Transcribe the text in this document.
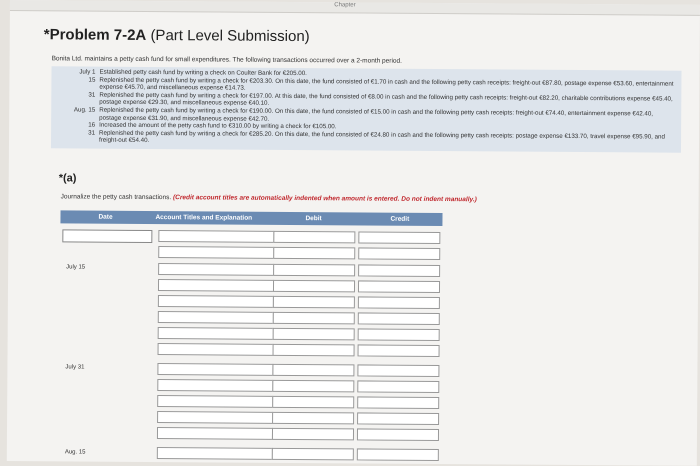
Chapter
*Problem 7-2A (Part Level Submission)
Bonita Ltd. maintains a petty cash fund for small expenditures. The following transactions occurred over a 2-month period.
July 1 Established petty cash fund by writing a check on Coulter Bank for €205.00.
15 Replenished the petty cash fund by writing a check for €203.30. On this date, the fund consisted of €1.70 in cash and the following petty cash receipts: freight-out €87.80, postage expense €53.60, entertainment expense €45.70, and miscellaneous expense €14.73.
31 Replenished the petty cash fund by writing a check for €197.00. At this date, the fund consisted of €8.00 in cash and the following petty cash receipts: freight-out €82.20, charitable contributions expense €45.40, postage expense €29.30, and miscellaneous expense €40.10.
Aug. 15 Replenished the petty cash fund by writing a check for €190.00. On this date, the fund consisted of €15.00 in cash and the following petty cash receipts: freight-out €74.40, entertainment expense €42.40, postage expense €31.90, and miscellaneous expense €42.70.
16 Increased the amount of the petty cash fund to €310.00 by writing a check for €105.00.
31 Replenished the petty cash fund by writing a check for €285.20. On this date, the fund consisted of €24.80 in cash and the following petty cash receipts: postage expense €133.70, travel expense €95.90, and freight-out €54.40.
*(a)
Journalize the petty cash transactions. (Credit account titles are automatically indented when amount is entered. Do not indent manually.)
Date	Account Titles and Explanation	Debit	Credit
July 15
July 31
Aug. 15
